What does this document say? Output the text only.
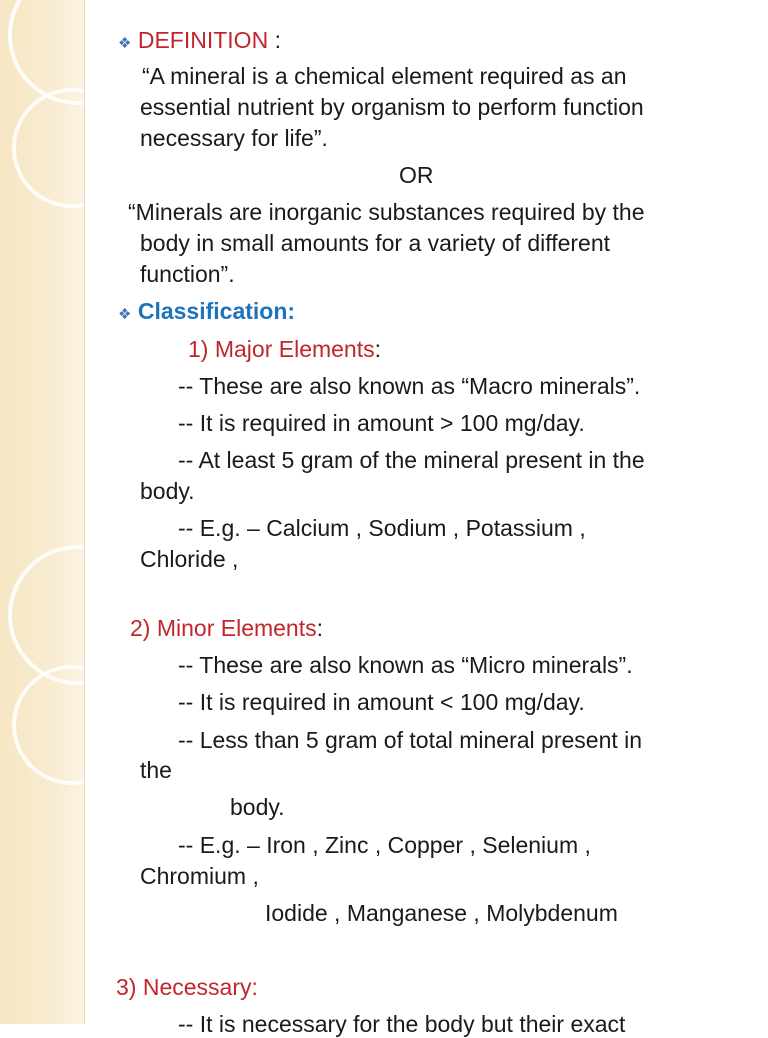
❖ DEFINITION :
“A mineral is a chemical element required as an
essential nutrient by organism to perform function
necessary for life”.
OR
“Minerals are inorganic substances required by the
body in small amounts for a variety of different
function”.
❖ Classification:
1) Major Elements:
-- These are also known as “Macro minerals”.
-- It is required in amount > 100 mg/day.
-- At least 5 gram of the mineral present in the
body.
-- E.g. – Calcium , Sodium , Potassium ,
Chloride ,
2) Minor Elements:
-- These are also known as “Micro minerals”.
-- It is required in amount < 100 mg/day.
-- Less than 5 gram of total mineral present in
the
body.
-- E.g. – Iron , Zinc , Copper , Selenium ,
Chromium ,
Iodide , Manganese , Molybdenum
3) Necessary:
-- It is necessary for the body but their exact
